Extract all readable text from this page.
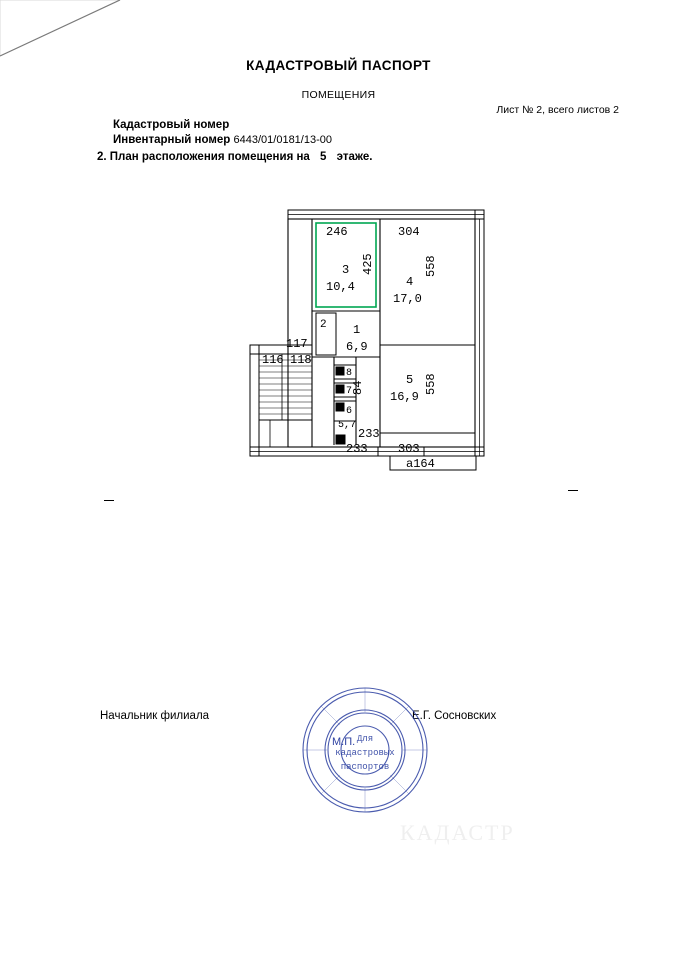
КАДАСТРОВЫЙ ПАСПОРТ
ПОМЕЩЕНИЯ
Лист № 2, всего листов 2
Кадастровый номер
Инвентарный номер 6443/01/0181/13-00
2. План расположения помещения на 5 этаже.
246	304
425	558
558
117
116 118
84
233
233	303
а164
3
10,4	4
17,0
1
6,9
5
16,9
2
8
7
6
5,7
Начальник филиала	Е.Г. Сосновских
Для
кадастровых
паспортов
М.П.
КАДАСТР
